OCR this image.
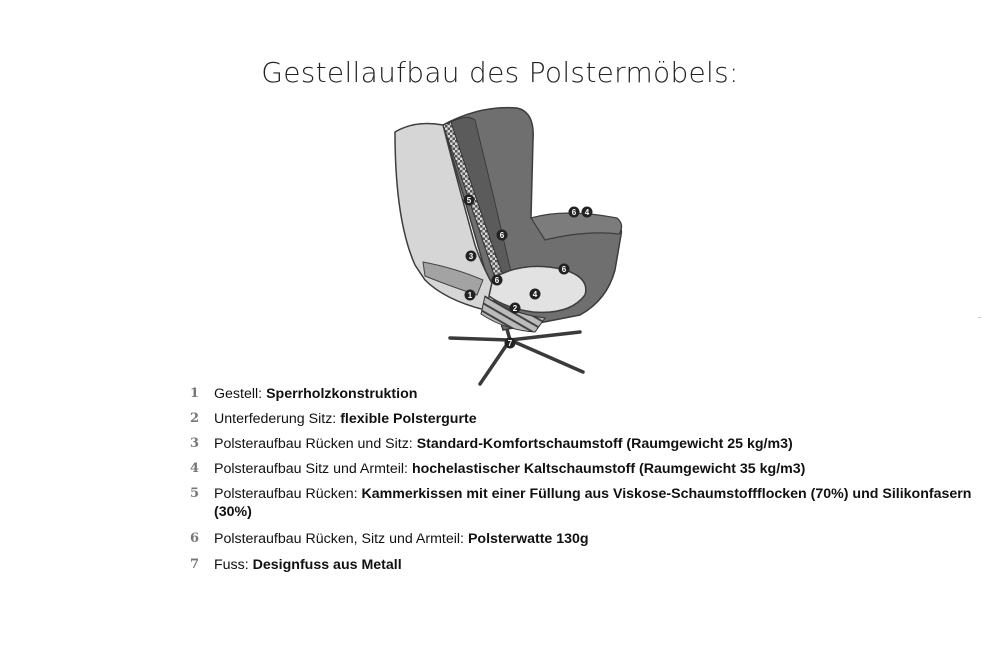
Gestellaufbau des Polstermöbels:
1
2
3
4
4
5
6
6
6
6
7
1	Gestell: Sperrholzkonstruktion
2	Unterfederung Sitz: flexible Polstergurte
3	Polsteraufbau Rücken und Sitz: Standard-Komfortschaumstoff (Raumgewicht 25 kg/m3)
4	Polsteraufbau Sitz und Armteil: hochelastischer Kaltschaumstoff (Raumgewicht 35 kg/m3)
5	Polsteraufbau Rücken: Kammerkissen mit einer Füllung aus Viskose-Schaumstoffflocken (70%) und Silikonfasern (30%)
6	Polsteraufbau Rücken, Sitz und Armteil: Polsterwatte 130g
7	Fuss: Designfuss aus Metall
